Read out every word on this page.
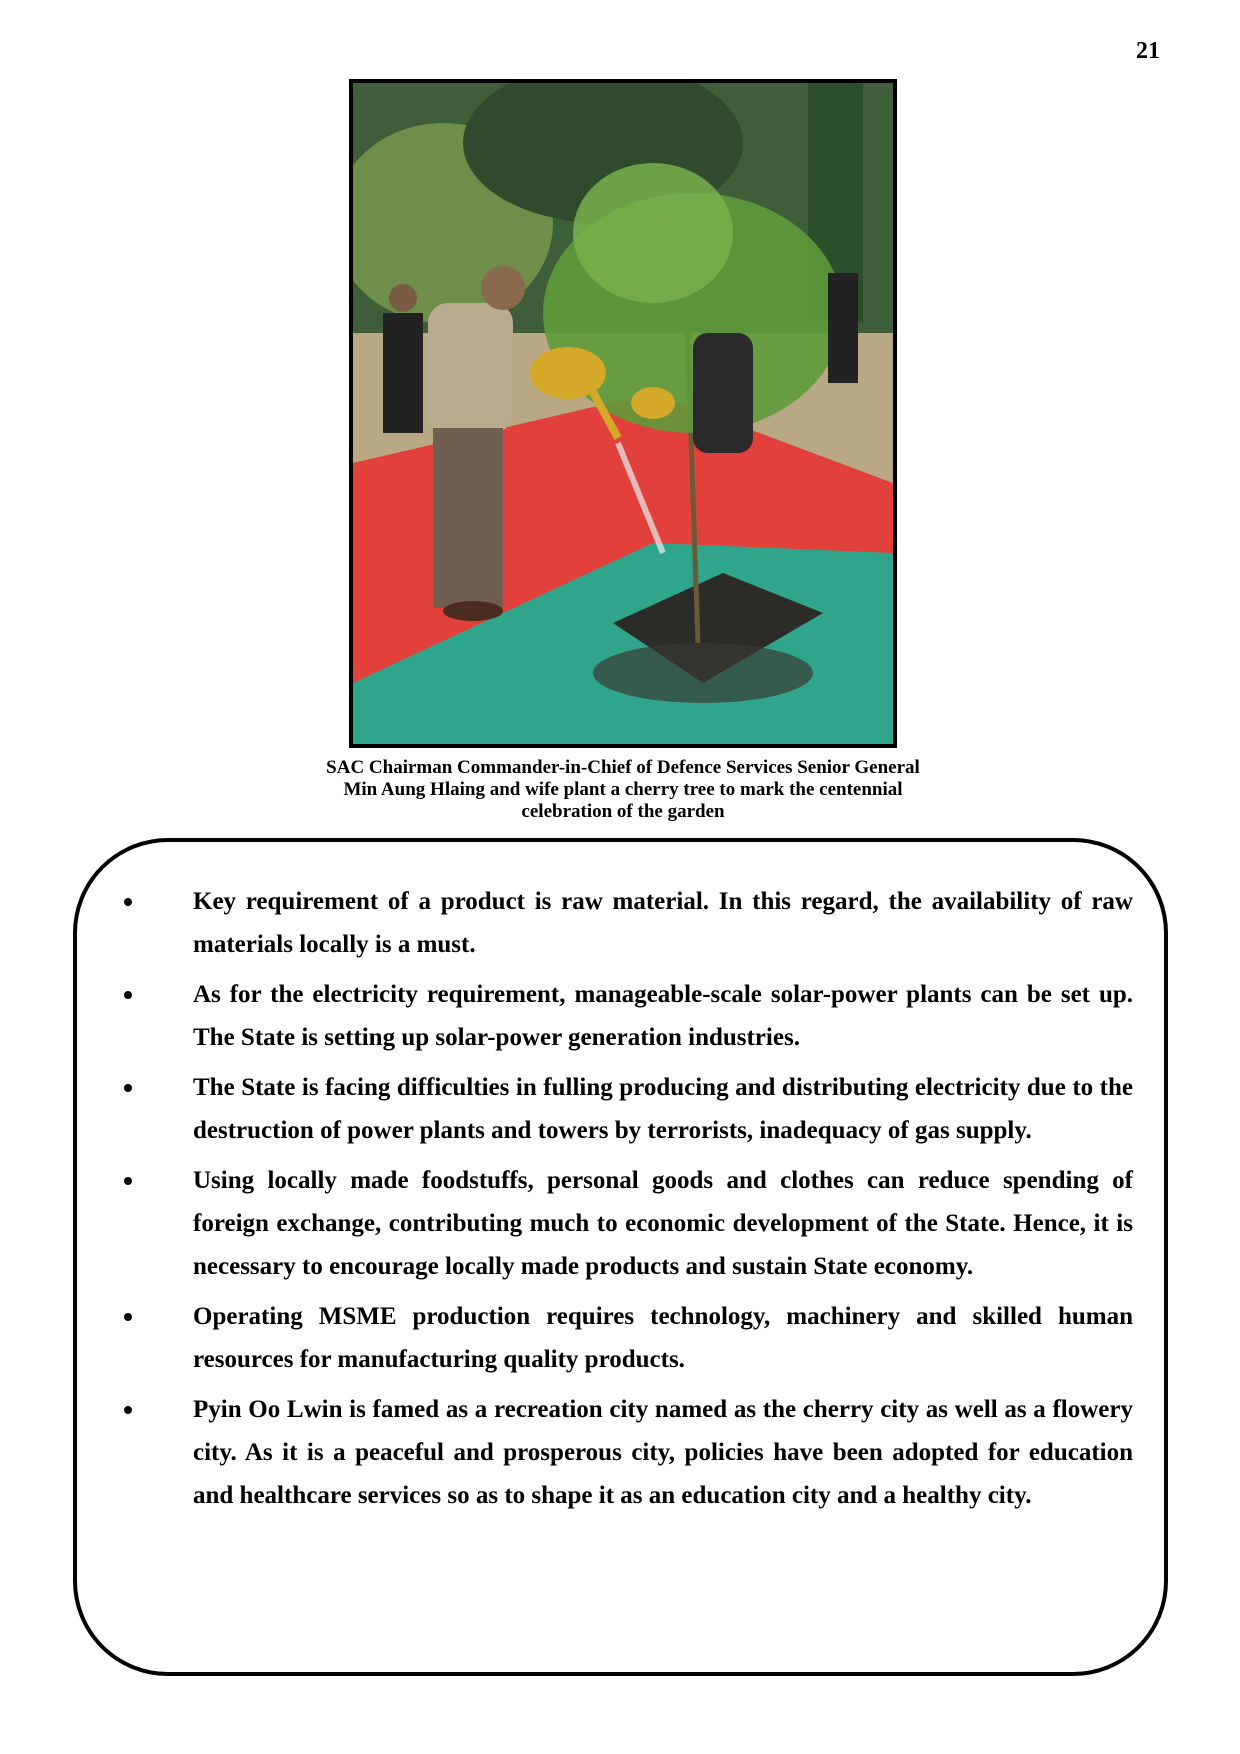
21
SAC Chairman Commander-in-Chief of Defence Services Senior General
Min Aung Hlaing and wife plant a cherry tree to mark the centennial
celebration of the garden
Key requirement of a product is raw material. In this regard, the availability of raw materials locally is a must.
As for the electricity requirement, manageable-scale solar-power plants can be set up. The State is setting up solar-power generation industries.
The State is facing difficulties in fulling producing and distributing electricity due to the destruction of power plants and towers by terrorists, inadequacy of gas supply.
Using locally made foodstuffs, personal goods and clothes can reduce spending of foreign exchange, contributing much to economic development of the State. Hence, it is necessary to encourage locally made products and sustain State economy.
Operating MSME production requires technology, machinery and skilled human resources for manufacturing quality products.
Pyin Oo Lwin is famed as a recreation city named as the cherry city as well as a flowery city. As it is a peaceful and prosperous city, policies have been adopted for education and healthcare services so as to shape it as an education city and a healthy city.
